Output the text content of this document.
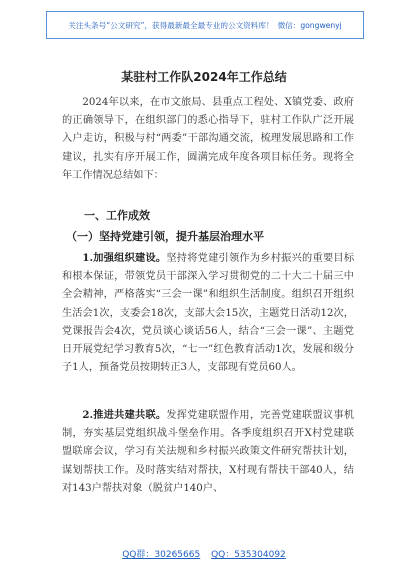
关注头条号“公文研究”，获得最新最全最专业的公文资料库！ 微信：gongwenyj
某驻村工作队2024年工作总结
2024年以来，在市文旅局、县重点工程处、X镇党委、政府的正确领导下，在组织部门的悉心指导下，驻村工作队广泛开展入户走访，积极与村“两委”干部沟通交流，梳理发展思路和工作建议，扎实有序开展工作，圆满完成年度各项目标任务。现将全年工作情况总结如下：
一、工作成效
（一）坚持党建引领，提升基层治理水平
1.加强组织建设。坚持将党建引领作为乡村振兴的重要目标和根本保证，带领党员干部深入学习贯彻党的二十大二十届三中全会精神，严格落实“三会一课”和组织生活制度。组织召开组织生活会1次，支委会18次，支部大会15次，主题党日活动12次，党课报告会4次，党员谈心谈话56人，结合“三会一课”、主题党日开展党纪学习教育5次，“七一”红色教育活动1次，发展和级分子1人，预备党员按期转正3人，支部现有党员60人。
2.推进共建共联。发挥党建联盟作用，完善党建联盟议事机制，夯实基层党组织战斗堡垒作用。各季度组织召开X村党建联盟联席会议，学习有关法规和乡村振兴政策文件研究帮扶计划，谋划帮扶工作。及时落实结对帮扶，X村现有帮扶干部40人，结对143户帮扶对象（脱贫户140户、
QQ群：30265665 QQ：535304092
